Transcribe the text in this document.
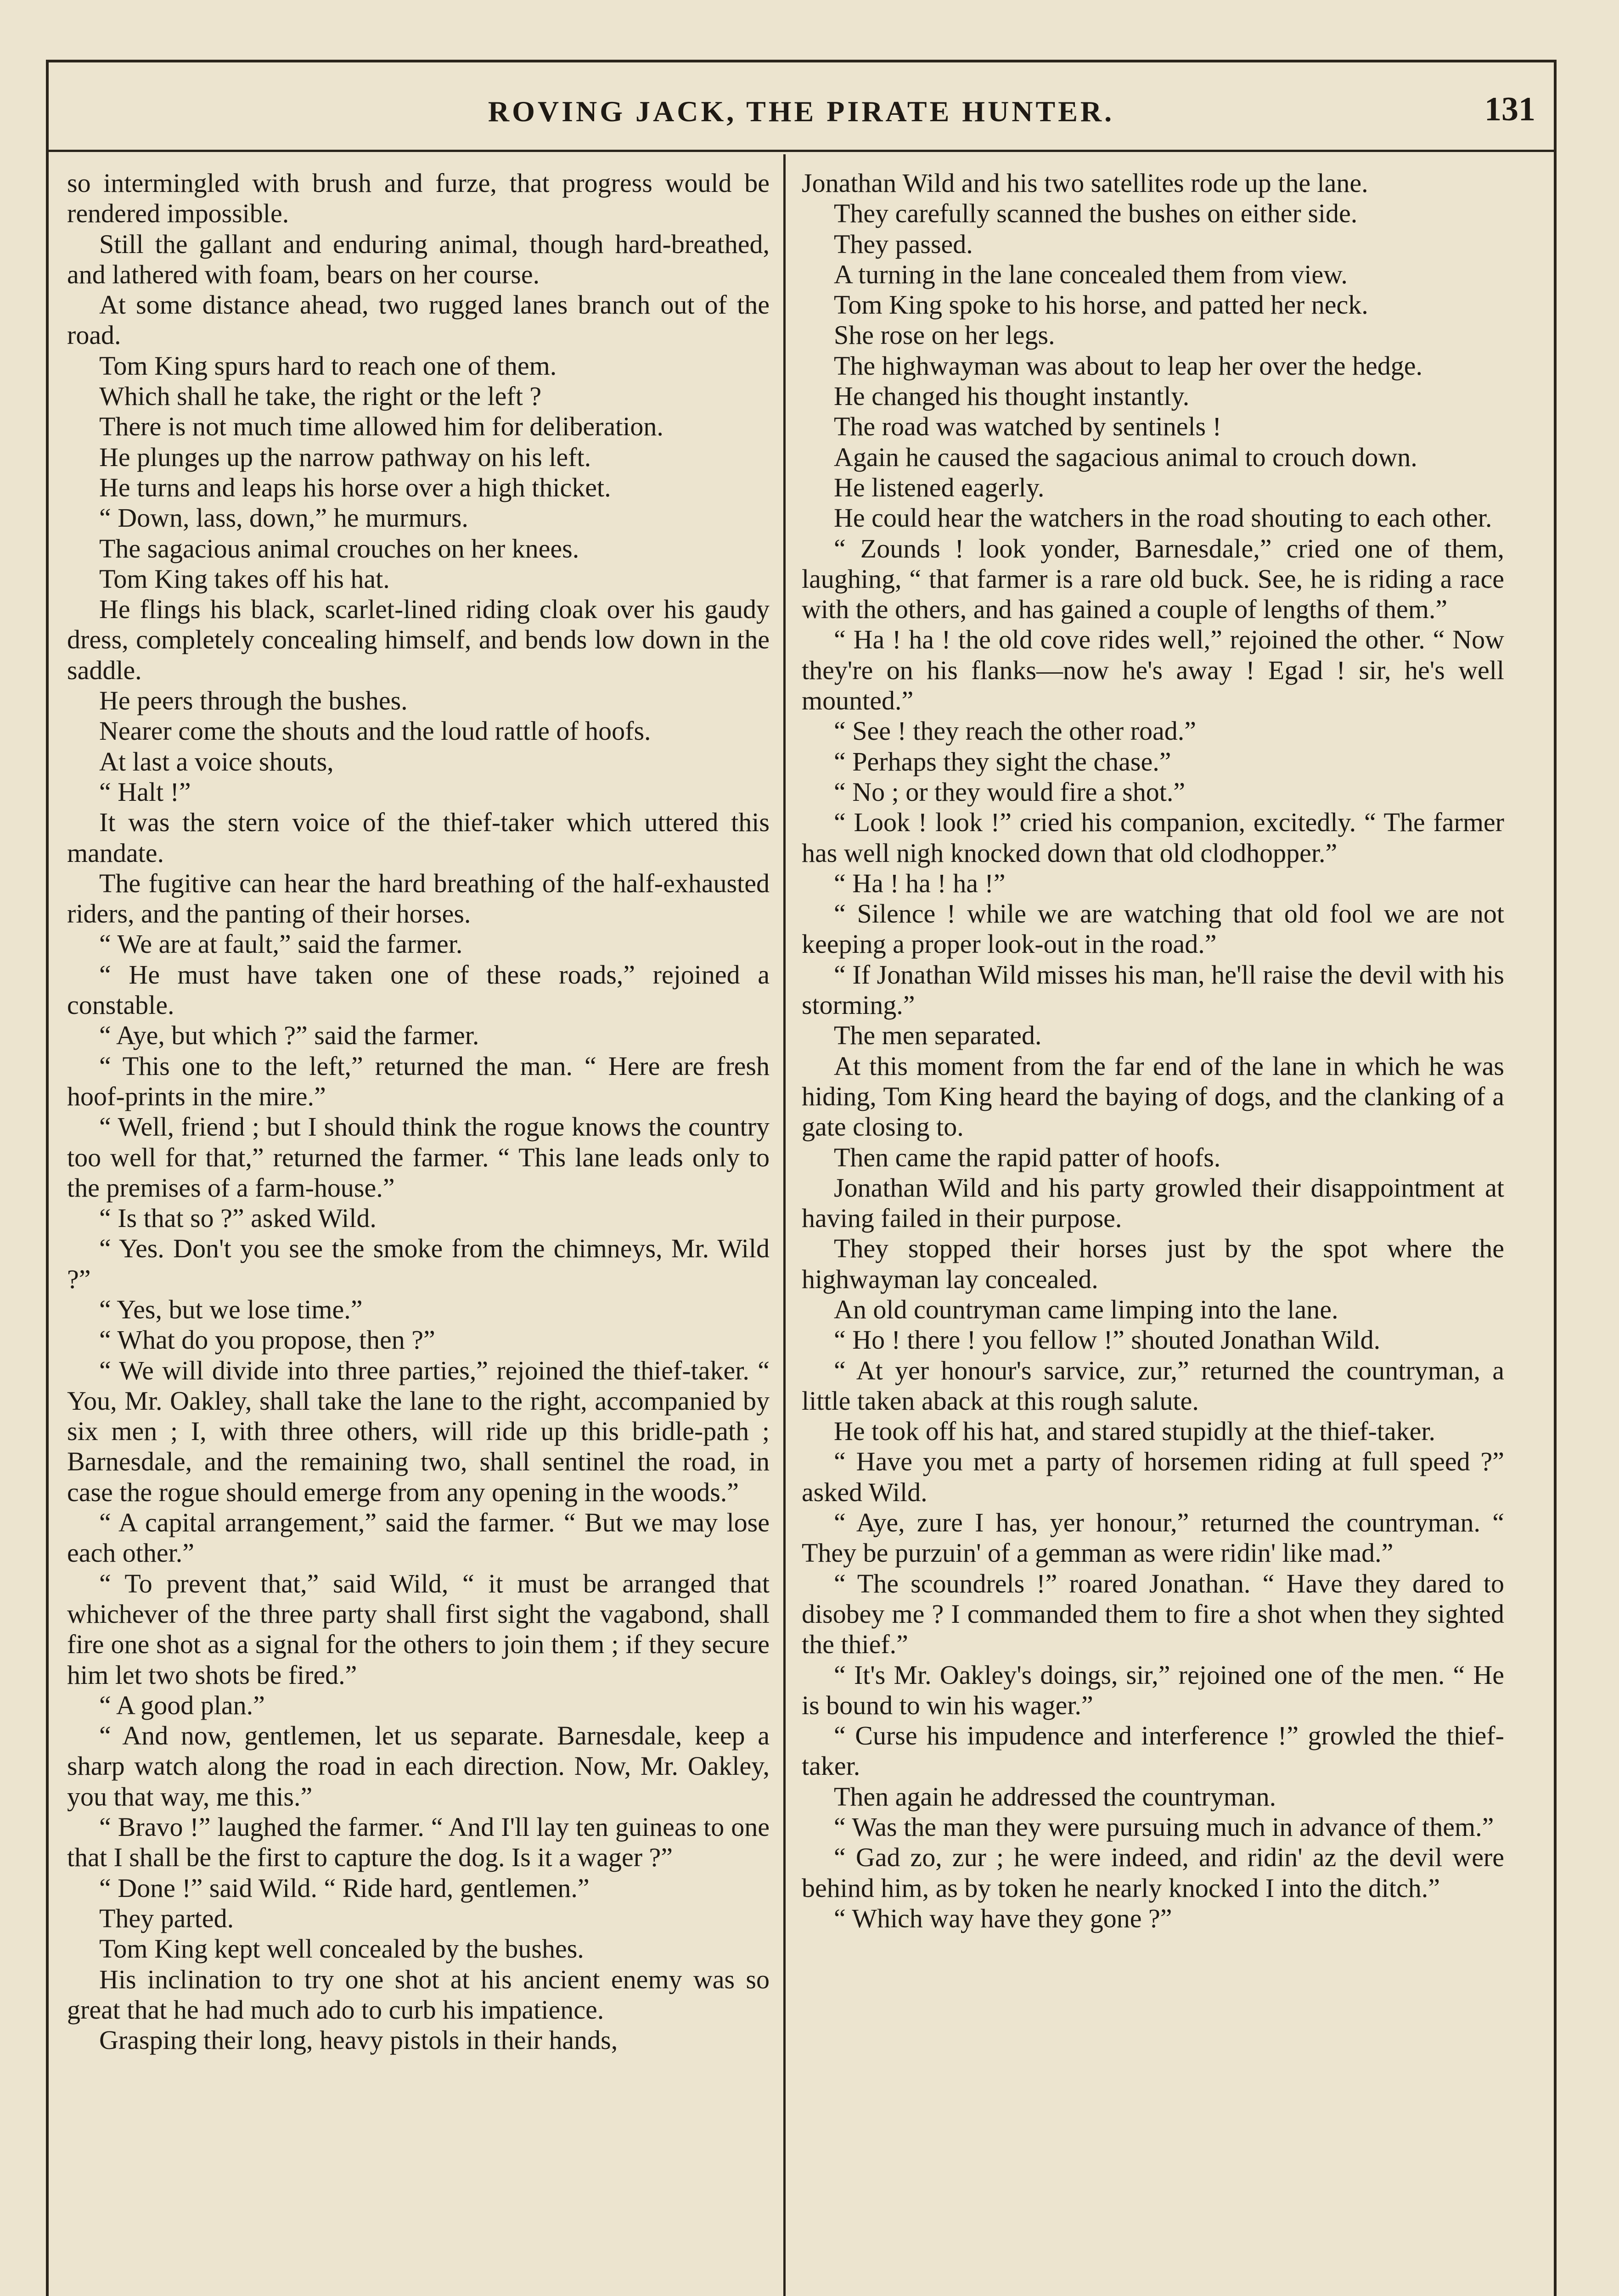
ROVING JACK, THE PIRATE HUNTER.	131

so intermingled with brush and furze, that progress would be rendered impossible.

Still the gallant and enduring animal, though hard-breathed, and lathered with foam, bears on her course.

At some distance ahead, two rugged lanes branch out of the road.

Tom King spurs hard to reach one of them.

Which shall he take, the right or the left ?

There is not much time allowed him for deliberation.

He plunges up the narrow pathway on his left.

He turns and leaps his horse over a high thicket.

“ Down, lass, down,” he murmurs.

The sagacious animal crouches on her knees.

Tom King takes off his hat.

He flings his black, scarlet-lined riding cloak over his gaudy dress, completely concealing himself, and bends low down in the saddle.

He peers through the bushes.

Nearer come the shouts and the loud rattle of hoofs.

At last a voice shouts,

“ Halt !”

It was the stern voice of the thief-taker which uttered this mandate.

The fugitive can hear the hard breathing of the half-exhausted riders, and the panting of their horses.

“ We are at fault,” said the farmer.

“ He must have taken one of these roads,” rejoined a constable.

“ Aye, but which ?” said the farmer.

“ This one to the left,” returned the man. “ Here are fresh hoof-prints in the mire.”

“ Well, friend ; but I should think the rogue knows the country too well for that,” returned the farmer. “ This lane leads only to the premises of a farm-house.”

“ Is that so ?” asked Wild.

“ Yes. Don't you see the smoke from the chimneys, Mr. Wild ?”

“ Yes, but we lose time.”

“ What do you propose, then ?”

“ We will divide into three parties,” rejoined the thief-taker. “ You, Mr. Oakley, shall take the lane to the right, accompanied by six men ; I, with three others, will ride up this bridle-path ; Barnesdale, and the remaining two, shall sentinel the road, in case the rogue should emerge from any opening in the woods.”

“ A capital arrangement,” said the farmer. “ But we may lose each other.”

“ To prevent that,” said Wild, “ it must be arranged that whichever of the three party shall first sight the vagabond, shall fire one shot as a signal for the others to join them ; if they secure him let two shots be fired.”

“ A good plan.”

“ And now, gentlemen, let us separate. Barnesdale, keep a sharp watch along the road in each direction. Now, Mr. Oakley, you that way, me this.”

“ Bravo !” laughed the farmer. “ And I'll lay ten guineas to one that I shall be the first to capture the dog. Is it a wager ?”

“ Done !” said Wild. “ Ride hard, gentlemen.”

They parted.

Tom King kept well concealed by the bushes.

His inclination to try one shot at his ancient enemy was so great that he had much ado to curb his impatience.

Grasping their long, heavy pistols in their hands,

Jonathan Wild and his two satellites rode up the lane.

They carefully scanned the bushes on either side.

They passed.

A turning in the lane concealed them from view.

Tom King spoke to his horse, and patted her neck.

She rose on her legs.

The highwayman was about to leap her over the hedge.

He changed his thought instantly.

The road was watched by sentinels !

Again he caused the sagacious animal to crouch down.

He listened eagerly.

He could hear the watchers in the road shouting to each other.

“ Zounds ! look yonder, Barnesdale,” cried one of them, laughing, “ that farmer is a rare old buck. See, he is riding a race with the others, and has gained a couple of lengths of them.”

“ Ha ! ha ! the old cove rides well,” rejoined the other. “ Now they're on his flanks—now he's away ! Egad ! sir, he's well mounted.”

“ See ! they reach the other road.”

“ Perhaps they sight the chase.”

“ No ; or they would fire a shot.”

“ Look ! look !” cried his companion, excitedly. “ The farmer has well nigh knocked down that old clodhopper.”

“ Ha ! ha ! ha !”

“ Silence ! while we are watching that old fool we are not keeping a proper look-out in the road.”

“ If Jonathan Wild misses his man, he'll raise the devil with his storming.”

The men separated.

At this moment from the far end of the lane in which he was hiding, Tom King heard the baying of dogs, and the clanking of a gate closing to.

Then came the rapid patter of hoofs.

Jonathan Wild and his party growled their disappointment at having failed in their purpose.

They stopped their horses just by the spot where the highwayman lay concealed.

An old countryman came limping into the lane.

“ Ho ! there ! you fellow !” shouted Jonathan Wild.

“ At yer honour's sarvice, zur,” returned the countryman, a little taken aback at this rough salute.

He took off his hat, and stared stupidly at the thief-taker.

“ Have you met a party of horsemen riding at full speed ?” asked Wild.

“ Aye, zure I has, yer honour,” returned the countryman. “ They be purzuin' of a gemman as were ridin' like mad.”

“ The scoundrels !” roared Jonathan. “ Have they dared to disobey me ? I commanded them to fire a shot when they sighted the thief.”

“ It's Mr. Oakley's doings, sir,” rejoined one of the men. “ He is bound to win his wager.”

“ Curse his impudence and interference !” growled the thief-taker.

Then again he addressed the countryman.

“ Was the man they were pursuing much in advance of them.”

“ Gad zo, zur ; he were indeed, and ridin' az the devil were behind him, as by token he nearly knocked I into the ditch.”

“ Which way have they gone ?”
